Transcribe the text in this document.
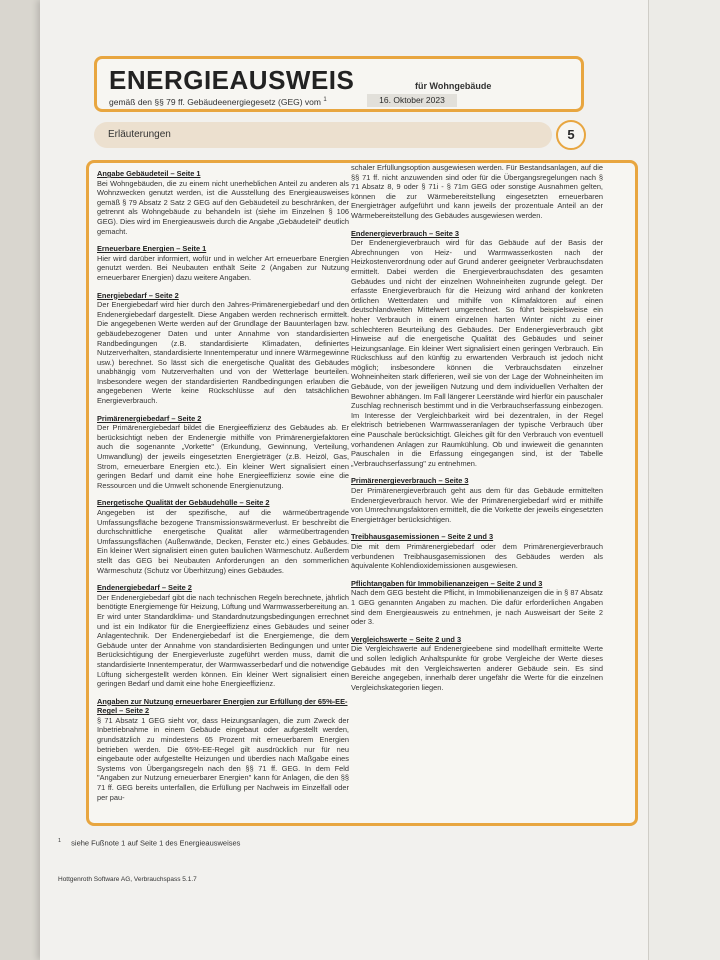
ENERGIEAUSWEIS	für Wohngebäude
gemäß den §§ 79 ff. Gebäudeenergiegesetz (GEG) vom $^1$	16. Oktober 2023
Erläuterungen	5
Angabe Gebäudeteil – Seite 1
Bei Wohngebäuden, die zu einem nicht unerheblichen Anteil zu anderen als Wohnzwecken genutzt werden, ist die Ausstellung des Energieausweises gemäß § 79 Absatz 2 Satz 2 GEG auf den Gebäudeteil zu beschränken, der getrennt als Wohngebäude zu behandeln ist (siehe im Einzelnen § 106 GEG). Dies wird im Energieausweis durch die Angabe „Gebäudeteil" deutlich gemacht.
Erneuerbare Energien – Seite 1
Hier wird darüber informiert, wofür und in welcher Art erneuerbare Energien genutzt werden. Bei Neubauten enthält Seite 2 (Angaben zur Nutzung erneuerbarer Energien) dazu weitere Angaben.
Energiebedarf – Seite 2
Der Energiebedarf wird hier durch den Jahres-Primärenergiebedarf und den Endenergiebedarf dargestellt. Diese Angaben werden rechnerisch ermittelt. Die angegebenen Werte werden auf der Grundlage der Bauunterlagen bzw. gebäudebezogener Daten und unter Annahme von standardisierten Randbedingungen (z.B. standardisierte Klimadaten, definiertes Nutzerverhalten, standardisierte Innentemperatur und innere Wärmegewinne usw.) berechnet. So lässt sich die energetische Qualität des Gebäudes unabhängig vom Nutzerverhalten und von der Wetterlage beurteilen. Insbesondere wegen der standardisierten Randbedingungen erlauben die angegebenen Werte keine Rückschlüsse auf den tatsächlichen Energieverbrauch.
Primärenergiebedarf – Seite 2
Der Primärenergiebedarf bildet die Energieeffizienz des Gebäudes ab. Er berücksichtigt neben der Endenergie mithilfe von Primärenergiefaktoren auch die sogenannte „Vorkette" (Erkundung, Gewinnung, Verteilung, Umwandlung) der jeweils eingesetzten Energieträger (z.B. Heizöl, Gas, Strom, erneuerbare Energien etc.). Ein kleiner Wert signalisiert einen geringen Bedarf und damit eine hohe Energieeffizienz sowie eine die Ressourcen und die Umwelt schonende Energienutzung.
Energetische Qualität der Gebäudehülle – Seite 2
Angegeben ist der spezifische, auf die wärmeübertragende Umfassungsfläche bezogene Transmissionswärmeverlust. Er beschreibt die durchschnittliche energetische Qualität aller wärmeübertragenden Umfassungsflächen (Außenwände, Decken, Fenster etc.) eines Gebäudes. Ein kleiner Wert signalisiert einen guten baulichen Wärmeschutz. Außerdem stellt das GEG bei Neubauten Anforderungen an den sommerlichen Wärmeschutz (Schutz vor Überhitzung) eines Gebäudes.
Endenergiebedarf – Seite 2
Der Endenergiebedarf gibt die nach technischen Regeln berechnete, jährlich benötigte Energiemenge für Heizung, Lüftung und Warmwasserbereitung an. Er wird unter Standardklima- und Standardnutzungsbedingungen errechnet und ist ein Indikator für die Energieeffizienz eines Gebäudes und seiner Anlagentechnik. Der Endenergiebedarf ist die Energiemenge, die dem Gebäude unter der Annahme von standardisierten Bedingungen und unter Berücksichtigung der Energieverluste zugeführt werden muss, damit die standardisierte Innentemperatur, der Warmwasserbedarf und die notwendige Lüftung sichergestellt werden können. Ein kleiner Wert signalisiert einen geringen Bedarf und damit eine hohe Energieeffizienz.
Angaben zur Nutzung erneuerbarer Energien zur Erfüllung der 65%-EE-Regel – Seite 2
§ 71 Absatz 1 GEG sieht vor, dass Heizungsanlagen, die zum Zweck der Inbetriebnahme in einem Gebäude eingebaut oder aufgestellt werden, grundsätzlich zu mindestens 65 Prozent mit erneuerbarem Energien betrieben werden. Die 65%-EE-Regel gilt ausdrücklich nur für neu eingebaute oder aufgestellte Heizungen und überdies nach Maßgabe eines Systems von Übergangsregeln nach den §§ 71 ff. GEG. In dem Feld "Angaben zur Nutzung erneuerbarer Energien" kann für Anlagen, die den §§ 71 ff. GEG bereits unterfallen, die Erfüllung per Nachweis im Einzelfall oder per pau-
schaler Erfüllungsoption ausgewiesen werden. Für Bestandsanlagen, auf die §§ 71 ff. nicht anzuwenden sind oder für die Übergangsregelungen nach § 71 Absatz 8, 9 oder § 71i - § 71m GEG oder sonstige Ausnahmen gelten, können die zur Wärmebereitstellung eingesetzten erneuerbaren Energieträger aufgeführt und kann jeweils der prozentuale Anteil an der Wärmebereitstellung des Gebäudes ausgewiesen werden.
Endenergieverbrauch – Seite 3
Der Endenergieverbrauch wird für das Gebäude auf der Basis der Abrechnungen von Heiz- und Warmwasserkosten nach der Heizkostenverordnung oder auf Grund anderer geeigneter Verbrauchsdaten ermittelt. Dabei werden die Energieverbrauchsdaten des gesamten Gebäudes und nicht der einzelnen Wohneinheiten zugrunde gelegt. Der erfasste Energieverbrauch für die Heizung wird anhand der konkreten örtlichen Wetterdaten und mithilfe von Klimafaktoren auf einen deutschlandweiten Mittelwert umgerechnet. So führt beispielsweise ein hoher Verbrauch in einem einzelnen harten Winter nicht zu einer schlechteren Beurteilung des Gebäudes. Der Endenergieverbrauch gibt Hinweise auf die energetische Qualität des Gebäudes und seiner Heizungsanlage. Ein kleiner Wert signalisiert einen geringen Verbrauch. Ein Rückschluss auf den künftig zu erwartenden Verbrauch ist jedoch nicht möglich; insbesondere können die Verbrauchsdaten einzelner Wohneinheiten stark differieren, weil sie von der Lage der Wohneinheiten im Gebäude, von der jeweiligen Nutzung und dem individuellen Verhalten der Bewohner abhängen. Im Fall längerer Leerstände wird hierfür ein pauschaler Zuschlag rechnerisch bestimmt und in die Verbrauchserfassung einbezogen. Im Interesse der Vergleichbarkeit wird bei dezentralen, in der Regel elektrisch betriebenen Warmwasseranlagen der typische Verbrauch über eine Pauschale berücksichtigt. Gleiches gilt für den Verbrauch von eventuell vorhandenen Anlagen zur Raumkühlung. Ob und inwieweit die genannten Pauschalen in die Erfassung eingegangen sind, ist der Tabelle „Verbrauchserfassung" zu entnehmen.
Primärenergieverbrauch – Seite 3
Der Primärenergieverbrauch geht aus dem für das Gebäude ermittelten Endenergieverbrauch hervor. Wie der Primärenergiebedarf wird er mithilfe von Umrechnungsfaktoren ermittelt, die die Vorkette der jeweils eingesetzten Energieträger berücksichtigen.
Treibhausgasemissionen – Seite 2 und 3
Die mit dem Primärenergiebedarf oder dem Primärenergieverbrauch verbundenen Treibhausgasemissionen des Gebäudes werden als äquivalente Kohlendioxidemissionen ausgewiesen.
Pflichtangaben für Immobilienanzeigen – Seite 2 und 3
Nach dem GEG besteht die Pflicht, in Immobilienanzeigen die in § 87 Absatz 1 GEG genannten Angaben zu machen. Die dafür erforderlichen Angaben sind dem Energieausweis zu entnehmen, je nach Ausweisart der Seite 2 oder 3.
Vergleichswerte – Seite 2 und 3
Die Vergleichswerte auf Endenergieebene sind modellhaft ermittelte Werte und sollen lediglich Anhaltspunkte für grobe Vergleiche der Werte dieses Gebäudes mit den Vergleichswerten anderer Gebäude sein. Es sind Bereiche angegeben, innerhalb derer ungefähr die Werte für die einzelnen Vergleichskategorien liegen.
$^1$ siehe Fußnote 1 auf Seite 1 des Energieausweises
Hottgenroth Software AG, Verbrauchspass 5.1.7
